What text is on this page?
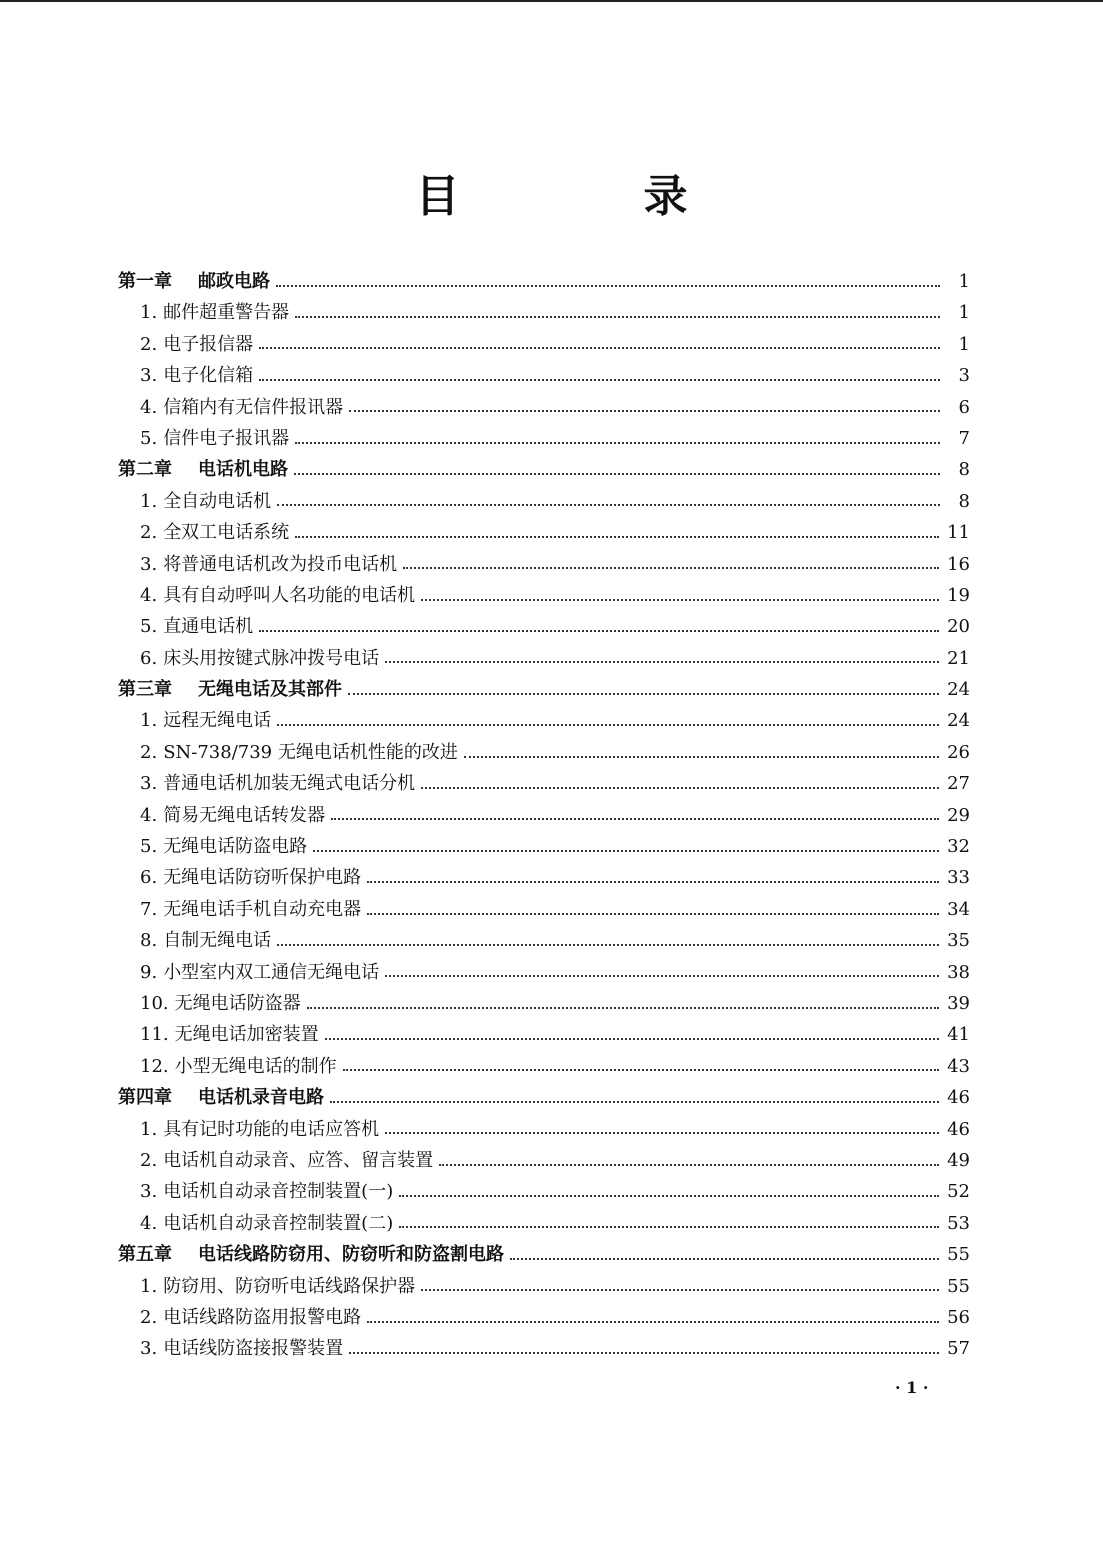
目　录
第一章 邮政电路	1
1. 邮件超重警告器	1
2. 电子报信器	1
3. 电子化信箱	3
4. 信箱内有无信件报讯器	6
5. 信件电子报讯器	7
第二章 电话机电路	8
1. 全自动电话机	8
2. 全双工电话系统	11
3. 将普通电话机改为投币电话机	16
4. 具有自动呼叫人名功能的电话机	19
5. 直通电话机	20
6. 床头用按键式脉冲拨号电话	21
第三章 无绳电话及其部件	24
1. 远程无绳电话	24
2. SN-738/739 无绳电话机性能的改进	26
3. 普通电话机加装无绳式电话分机	27
4. 简易无绳电话转发器	29
5. 无绳电话防盗电路	32
6. 无绳电话防窃听保护电路	33
7. 无绳电话手机自动充电器	34
8. 自制无绳电话	35
9. 小型室内双工通信无绳电话	38
10. 无绳电话防盗器	39
11. 无绳电话加密装置	41
12. 小型无绳电话的制作	43
第四章 电话机录音电路	46
1. 具有记时功能的电话应答机	46
2. 电话机自动录音、应答、留言装置	49
3. 电话机自动录音控制装置(一)	52
4. 电话机自动录音控制装置(二)	53
第五章 电话线路防窃用、防窃听和防盗割电路	55
1. 防窃用、防窃听电话线路保护器	55
2. 电话线路防盗用报警电路	56
3. 电话线防盗接报警装置	57
· 1 ·
